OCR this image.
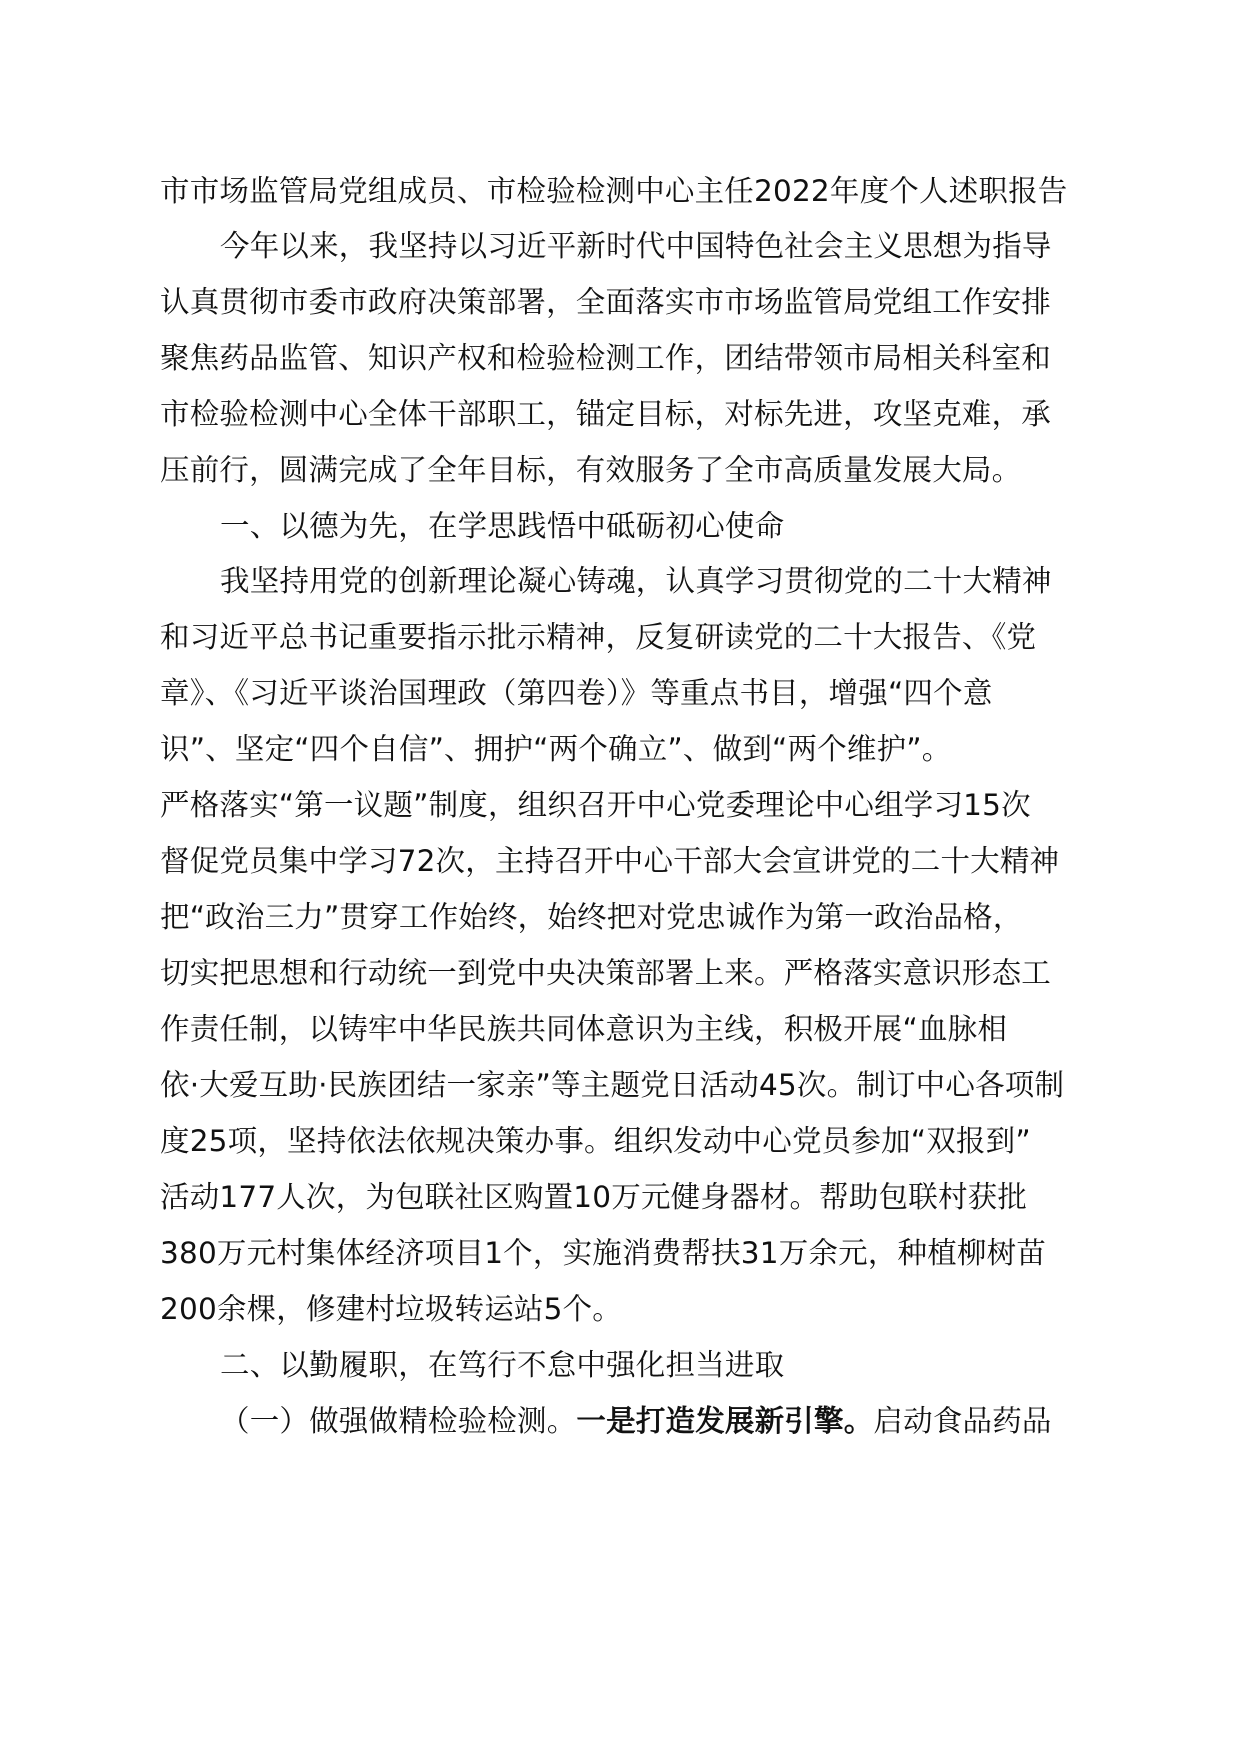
市市场监管局党组成员、市检验检测中心主任2022年度个人述职报告
今年以来，我坚持以习近平新时代中国特色社会主义思想为指导
认真贯彻市委市政府决策部署，全面落实市市场监管局党组工作安排
聚焦药品监管、知识产权和检验检测工作，团结带领市局相关科室和
市检验检测中心全体干部职工，锚定目标，对标先进，攻坚克难，承
压前行，圆满完成了全年目标，有效服务了全市高质量发展大局。
一、以德为先，在学思践悟中砥砺初心使命
我坚持用党的创新理论凝心铸魂，认真学习贯彻党的二十大精神
和习近平总书记重要指示批示精神，反复研读党的二十大报告、《党
章》、《习近平谈治国理政（第四卷）》等重点书目，增强“四个意
识”、坚定“四个自信”、拥护“两个确立”、做到“两个维护”。
严格落实“第一议题”制度，组织召开中心党委理论中心组学习15次
督促党员集中学习72次，主持召开中心干部大会宣讲党的二十大精神
把“政治三力”贯穿工作始终，始终把对党忠诚作为第一政治品格，
切实把思想和行动统一到党中央决策部署上来。严格落实意识形态工
作责任制，以铸牢中华民族共同体意识为主线，积极开展“血脉相
依·大爱互助·民族团结一家亲”等主题党日活动45次。制订中心各项制
度25项，坚持依法依规决策办事。组织发动中心党员参加“双报到”
活动177人次，为包联社区购置10万元健身器材。帮助包联村获批
380万元村集体经济项目1个，实施消费帮扶31万余元，种植柳树苗
200余棵，修建村垃圾转运站5个。
二、以勤履职，在笃行不怠中强化担当进取
（一）做强做精检验检测。一是打造发展新引擎。启动食品药品
